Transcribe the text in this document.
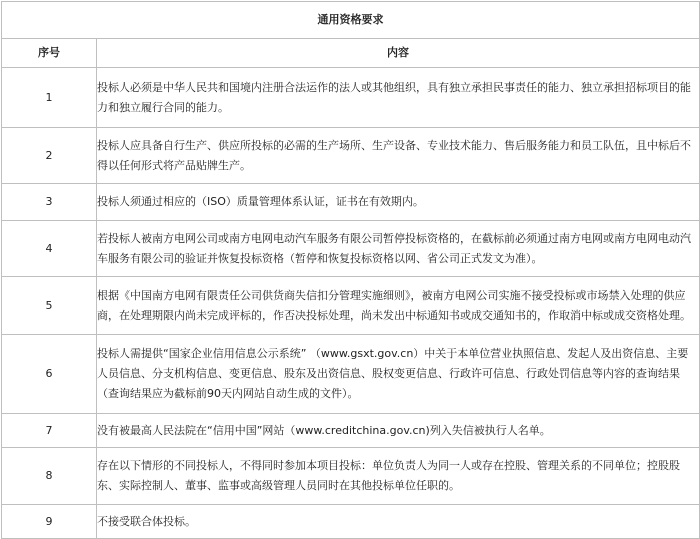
通用资格要求	
序号	内容
1	投标人必须是中华人民共和国境内注册合法运作的法人或其他组织，具有独立承担民事责任的能力、独立承担招标项目的能力和独立履行合同的能力。
2	投标人应具备自行生产、供应所投标的必需的生产场所、生产设备、专业技术能力、售后服务能力和员工队伍，且中标后不得以任何形式将产品贴牌生产。
3	投标人须通过相应的（ISO）质量管理体系认证，证书在有效期内。
4	若投标人被南方电网公司或南方电网电动汽车服务有限公司暂停投标资格的，在截标前必须通过南方电网或南方电网电动汽车服务有限公司的验证并恢复投标资格（暂停和恢复投标资格以网、省公司正式发文为准）。
5	根据《中国南方电网有限责任公司供货商失信扣分管理实施细则》，被南方电网公司实施不接受投标或市场禁入处理的供应商，在处理期限内尚未完成评标的，作否决投标处理，尚未发出中标通知书或成交通知书的，作取消中标或成交资格处理。
6	投标人需提供“国家企业信用信息公示系统” （www.gsxt.gov.cn）中关于本单位营业执照信息、发起人及出资信息、主要人员信息、分支机构信息、变更信息、股东及出资信息、股权变更信息、行政许可信息、行政处罚信息等内容的查询结果（查询结果应为截标前90天内网站自动生成的文件）。
7	没有被最高人民法院在“信用中国”网站（www.creditchina.gov.cn)列入失信被执行人名单。
8	存在以下情形的不同投标人，不得同时参加本项目投标：单位负责人为同一人或存在控股、管理关系的不同单位；控股股东、实际控制人、董事、监事或高级管理人员同时在其他投标单位任职的。
9	不接受联合体投标。
